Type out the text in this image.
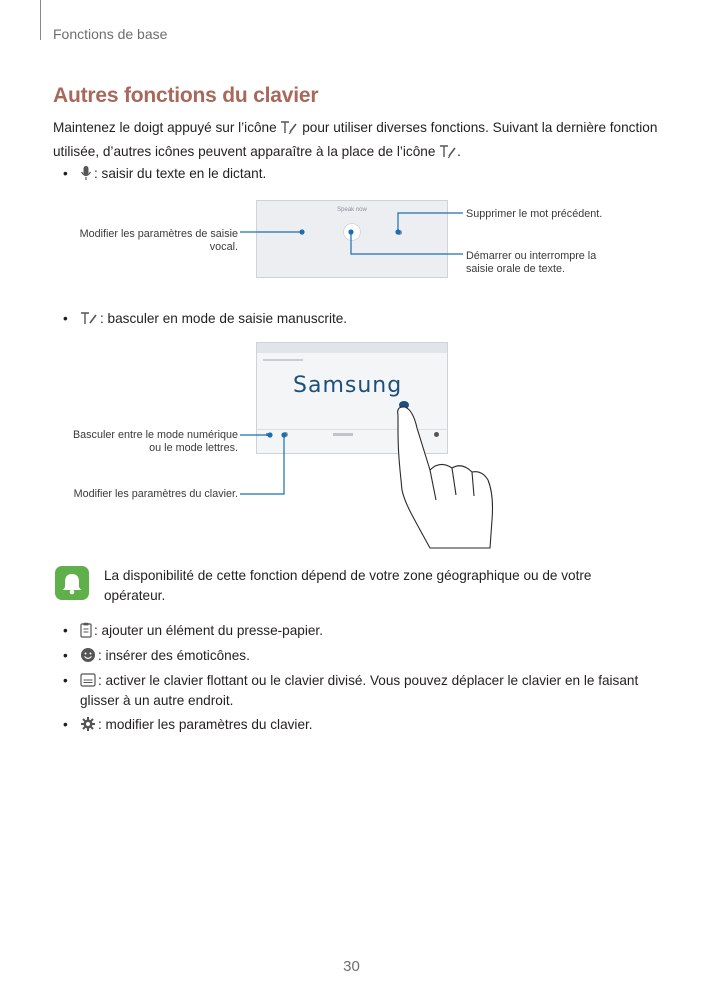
Fonctions de base
Autres fonctions du clavier
Maintenez le doigt appuyé sur l’icône pour utiliser diverses fonctions. Suivant la dernière fonction utilisée, d’autres icônes peuvent apparaître à la place de l’icône .
•	: saisir du texte en le dictant.
Speak now
Modifier les paramètres de saisie vocal.
Supprimer le mot précédent.
Démarrer ou interrompre la saisie orale de texte.
•	: basculer en mode de saisie manuscrite.
Samsung
Basculer entre le mode numérique ou le mode lettres.
Modifier les paramètres du clavier.
La disponibilité de cette fonction dépend de votre zone géographique ou de votre opérateur.
•	: ajouter un élément du presse-papier.
•	: insérer des émoticônes.
•	: activer le clavier flottant ou le clavier divisé. Vous pouvez déplacer le clavier en le faisant glisser à un autre endroit.
•	: modifier les paramètres du clavier.
30
